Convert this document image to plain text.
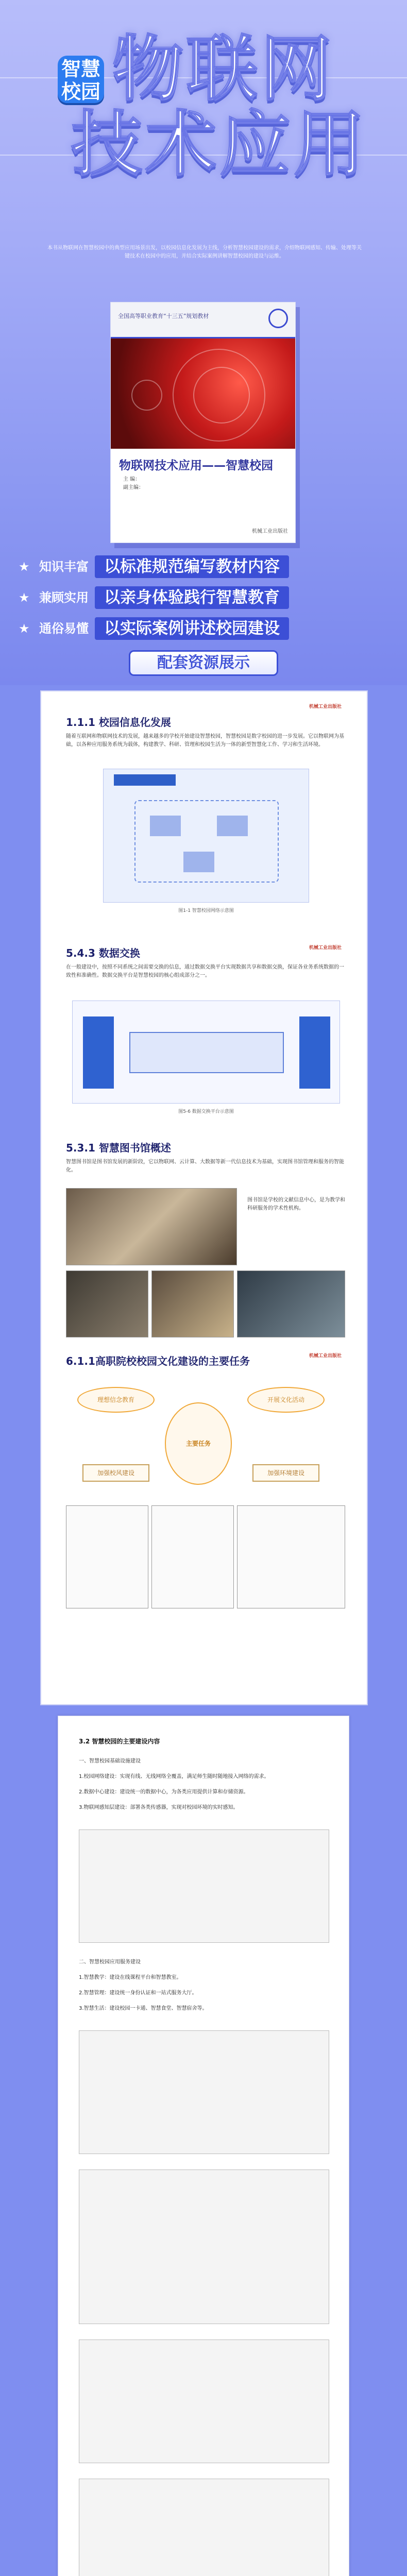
智慧
校园 物联网
技术应用
本书从物联网在智慧校园中的典型应用场景出发，以校园信息化发展为主线，分析智慧校园建设的需求，介绍物联网感知、传输、处理等关键技术在校园中的应用，并结合实际案例讲解智慧校园的建设与运维。
全国高等职业教育“十三五”规划教材
物联网技术应用——智慧校园
主 编：
副主编：
机械工业出版社
★ 知识丰富 以标准规范编写教材内容
★ 兼顾实用 以亲身体验践行智慧教育
★ 通俗易懂 以实际案例讲述校园建设
配套资源展示
1.1.1 校园信息化发展
机械工业出版社
随着互联网和物联网技术的发展，越来越多的学校开始建设智慧校园，智慧校园是数字校园的进一步发展。它以物联网为基础，以各种应用服务系统为载体，构建教学、科研、管理和校园生活为一体的新型智慧化工作、学习和生活环境。
图1-1 智慧校园网络示意图
5.4.3 数据交换	机械工业出版社
在一般建设中，按照不同系统之间需要交换的信息，通过数据交换平台实现数据共享和数据交换，保证各业务系统数据的一致性和准确性。数据交换平台是智慧校园的核心组成部分之一。
图5-6 数据交换平台示意图
5.3.1 智慧图书馆概述
智慧图书馆是图书馆发展的新阶段，它以物联网、云计算、大数据等新一代信息技术为基础，实现图书馆管理和服务的智能化。
图书馆是学校的文献信息中心，是为教学和科研服务的学术性机构。
6.1.1高职院校校园文化建设的主要任务	机械工业出版社
理想信念教育	开展文化活动
主要任务
加强校风建设	加强环境建设
3.2 智慧校园的主要建设内容
一、智慧校园基础设施建设
1.校园网络建设：实现有线、无线网络全覆盖，满足师生随时随地接入网络的需求。
2.数据中心建设：建设统一的数据中心，为各类应用提供计算和存储资源。
3.物联网感知层建设：部署各类传感器，实现对校园环境的实时感知。
二、智慧校园应用服务建设
1.智慧教学：建设在线课程平台和智慧教室。
2.智慧管理：建设统一身份认证和一站式服务大厅。
3.智慧生活：建设校园一卡通、智慧食堂、智慧宿舍等。
